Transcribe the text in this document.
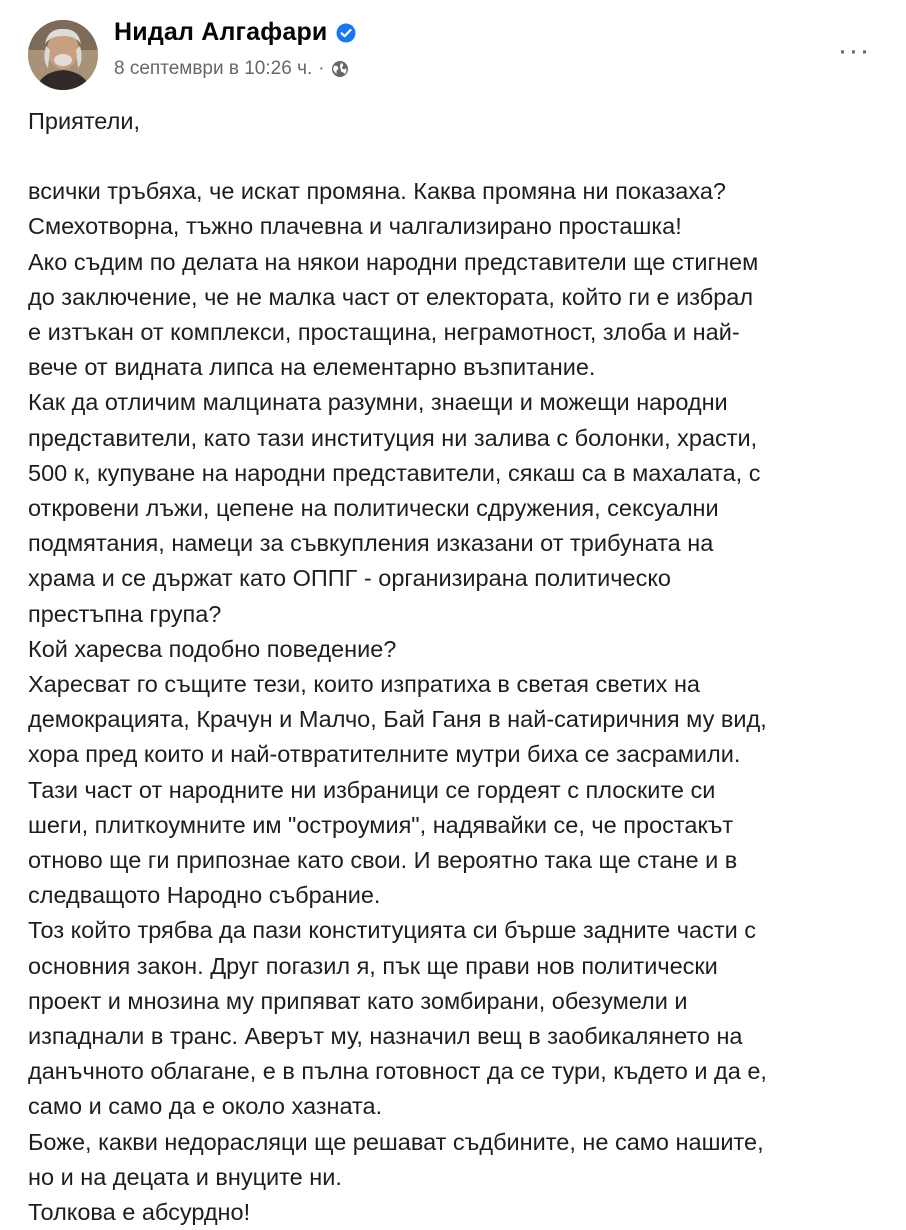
Нидал Алгафари
8 септември в 10:26 ч. ·
···

Приятели,

всички тръбяха, че искат промяна. Каква промяна ни показаха?

Смехотворна, тъжно плачевна и чалгализирано просташка!

Ако съдим по делата на някои народни представители ще стигнем

до заключение, че не малка част от електората, който ги е избрал

е изтъкан от комплекси, простащина, неграмотност, злоба и най-

вече от видната липса на елементарно възпитание.

Как да отличим малцината разумни, знаещи и можещи народни

представители, като тази институция ни залива с болонки, храсти,

500 к, купуване на народни представители, сякаш са в махалата, с

откровени лъжи, цепене на политически сдружения, сексуални

подмятания, намеци за съвкупления изказани от трибуната на

храма и се държат като ОППГ - организирана политическо

престъпна група?

Кой харесва подобно поведение?

Харесват го същите тези, които изпратиха в светая светих на

демокрацията, Крачун и Малчо, Бай Ганя в най-сатиричния му вид,

хора пред които и най-отвратителните мутри биха се засрамили.

Тази част от народните ни избраници се гордеят с плоските си

шеги, плиткоумните им "остроумия", надявайки се, че простакът

отново ще ги припознае като свои. И вероятно така ще стане и в

следващото Народно събрание.

Тоз който трябва да пази конституцията си бърше задните части с

основния закон. Друг погазил я, пък ще прави нов политически

проект и мнозина му припяват като зомбирани, обезумели и

изпаднали в транс. Аверът му, назначил вещ в заобикалянето на

данъчното облагане, е в пълна готовност да се тури, където и да е,

само и само да е около хазната.

Боже, какви недорасляци ще решават съдбините, не само нашите,

но и на децата и внуците ни.

Толкова е абсурдно!
